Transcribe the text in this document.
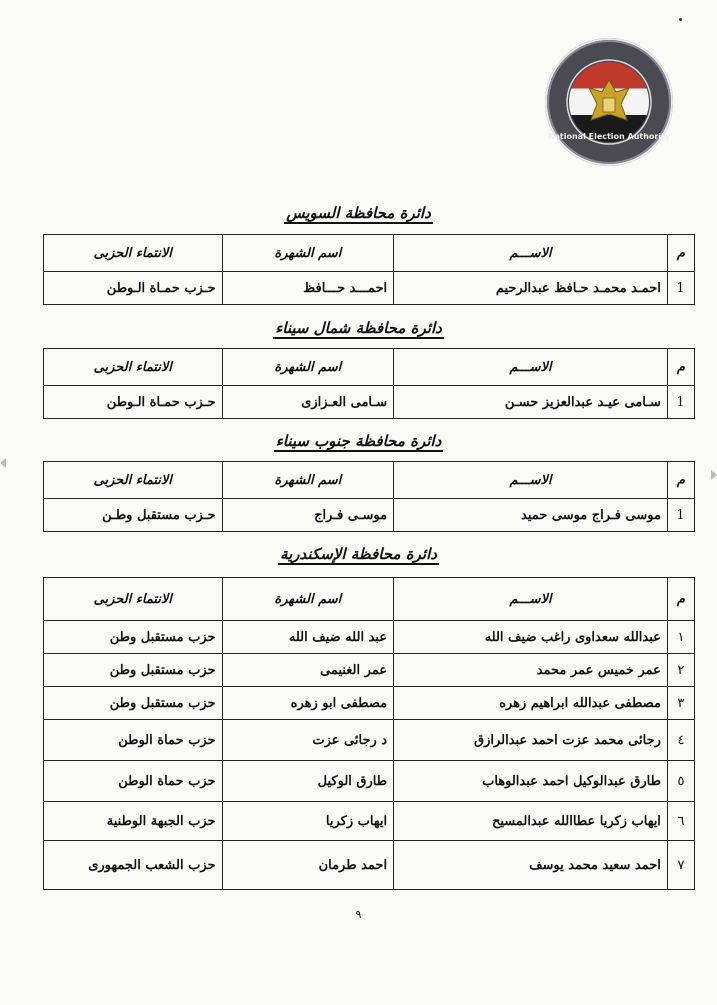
National Election Authority
دائرة محافظة السويس
م	الاســـم	اسم الشهرة	الانتماء الحزبى
1	احمـد محمـد حـافظ عبدالرحيم	احمـــد حـــافظ	حـزب حمـاة الـوطن
دائرة محافظة شمال سيناء
م	الاســـم	اسم الشهرة	الانتماء الحزبى
1	سـامى عيـد عبدالعزيز حسـن	سـامى العـزازى	حـزب حمـاة الـوطن
دائرة محافظة جنوب سيناء
م	الاســـم	اسم الشهرة	الانتماء الحزبى
1	موسى فـراج موسى حميد	موسـى فـراج	حـزب مستقبل وطـن
دائرة محافظة الإسكندرية
م	الاســـم	اسم الشهرة	الانتماء الحزبى
١	عبدالله سعداوى راغب ضيف الله	عبد الله ضيف الله	حزب مستقبل وطن
٢	عمر خميس عمر محمد	عمر الغنيمى	حزب مستقبل وطن
٣	مصطفى عبدالله ابراهيم زهره	مصطفى ابو زهره	حزب مستقبل وطن
٤	رجائى محمد عزت احمد عبدالرازق	د رجائى عزت	حزب حماة الوطن
٥	طارق عبدالوكيل احمد عبدالوهاب	طارق الوكيل	حزب حماة الوطن
٦	ايهاب زكريا عطاالله عبدالمسيح	ايهاب زكريا	حزب الجبهة الوطنية
٧	احمد سعيد محمد يوسف	احمد طرمان	حزب الشعب الجمهورى
٩
